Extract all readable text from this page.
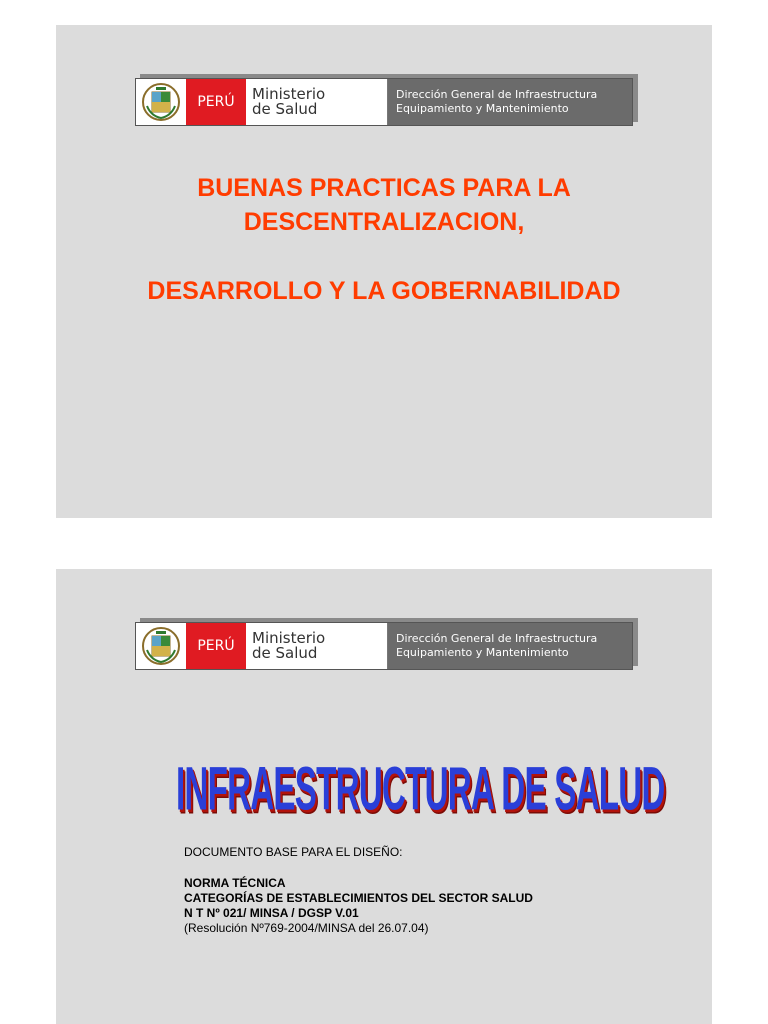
PERÚ	Ministerio
de Salud
Dirección General de Infraestructura
Equipamiento y Mantenimiento

BUENAS PRACTICAS PARA LA

DESCENTRALIZACION,

DESARROLLO Y LA GOBERNABILIDAD

PERÚ	Ministerio
de Salud
Dirección General de Infraestructura
Equipamiento y Mantenimiento
INFRAESTRUCTURA DE SALUD

DOCUMENTO BASE PARA EL DISEÑO:

NORMA TÉCNICA

CATEGORÍAS DE ESTABLECIMIENTOS DEL SECTOR SALUD

N T Nº 021/ MINSA / DGSP V.01

(Resolución Nº769-2004/MINSA del 26.07.04)
